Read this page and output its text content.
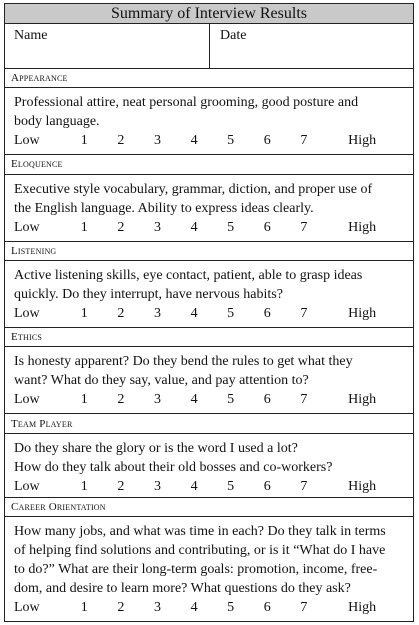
Summary of Interview Results
Name	Date
Appearance
Professional attire, neat personal grooming, good posture and
body language.
Low	1	2	3	4	5	6	7	High
Eloquence
Executive style vocabulary, grammar, diction, and proper use of
the English language. Ability to express ideas clearly.
Low	1	2	3	4	5	6	7	High
Listening
Active listening skills, eye contact, patient, able to grasp ideas
quickly. Do they interrupt, have nervous habits?
Low	1	2	3	4	5	6	7	High
Ethics
Is honesty apparent? Do they bend the rules to get what they
want? What do they say, value, and pay attention to?
Low	1	2	3	4	5	6	7	High
Team Player
Do they share the glory or is the word I used a lot?
How do they talk about their old bosses and co-workers?
Low	1	2	3	4	5	6	7	High
Career Orientation
How many jobs, and what was time in each? Do they talk in terms
of helping find solutions and contributing, or is it “What do I have
to do?” What are their long-term goals: promotion, income, free-
dom, and desire to learn more? What questions do they ask?
Low	1	2	3	4	5	6	7	High
